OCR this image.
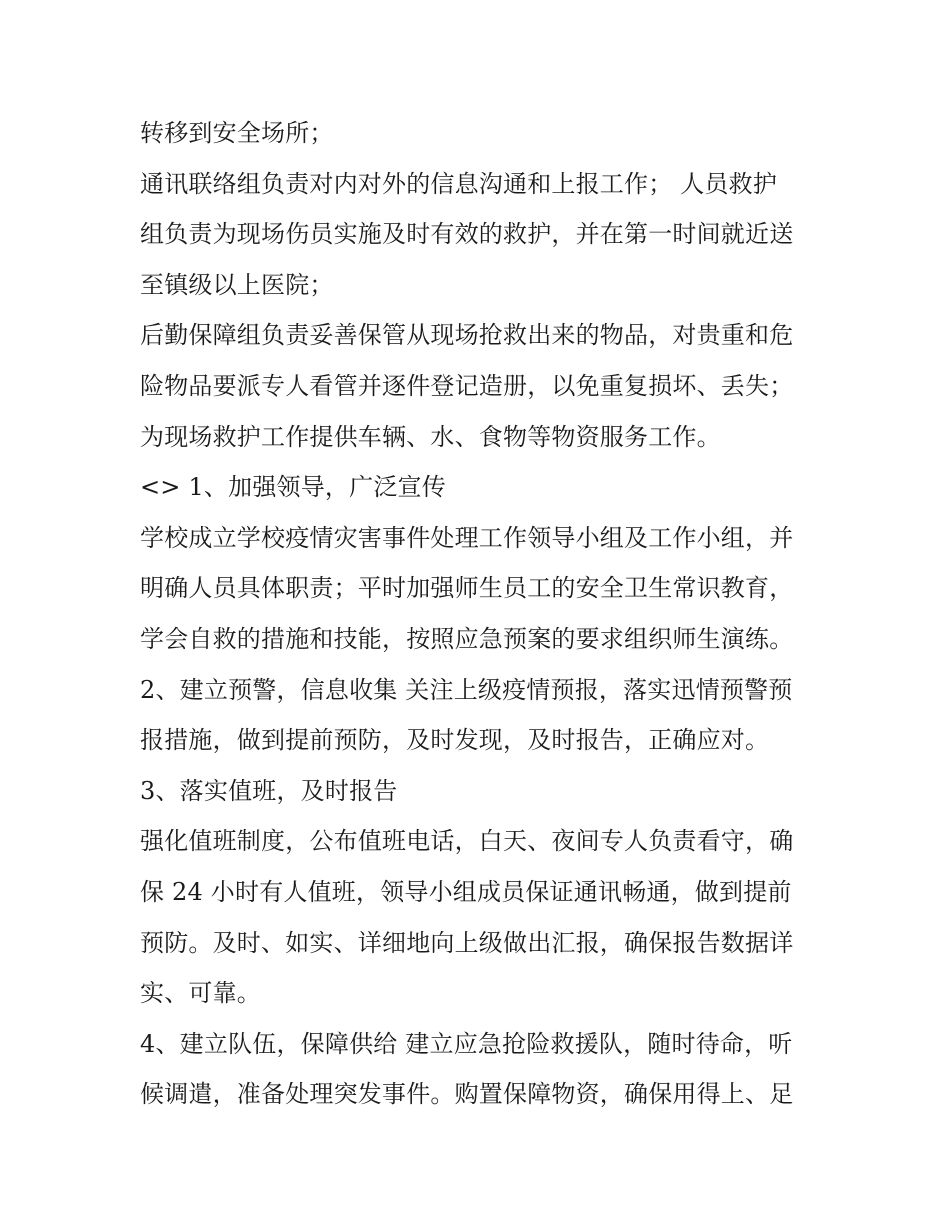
转移到安全场所；
通讯联络组负责对内对外的信息沟通和上报工作； 人员救护
组负责为现场伤员实施及时有效的救护，并在第一时间就近送
至镇级以上医院；
后勤保障组负责妥善保管从现场抢救出来的物品，对贵重和危
险物品要派专人看管并逐件登记造册，以免重复损坏、丢失；
为现场救护工作提供车辆、水、食物等物资服务工作。
<> 1、加强领导，广泛宣传
学校成立学校疫情灾害事件处理工作领导小组及工作小组，并
明确人员具体职责；平时加强师生员工的安全卫生常识教育，
学会自救的措施和技能，按照应急预案的要求组织师生演练。
2、建立预警，信息收集 关注上级疫情预报，落实迅情预警预
报措施，做到提前预防，及时发现，及时报告，正确应对。
3、落实值班，及时报告
强化值班制度，公布值班电话，白天、夜间专人负责看守，确
保 24 小时有人值班，领导小组成员保证通讯畅通，做到提前
预防。及时、如实、详细地向上级做出汇报，确保报告数据详
实、可靠。
4、建立队伍，保障供给 建立应急抢险救援队，随时待命，听
候调遣，准备处理突发事件。购置保障物资，确保用得上、足
